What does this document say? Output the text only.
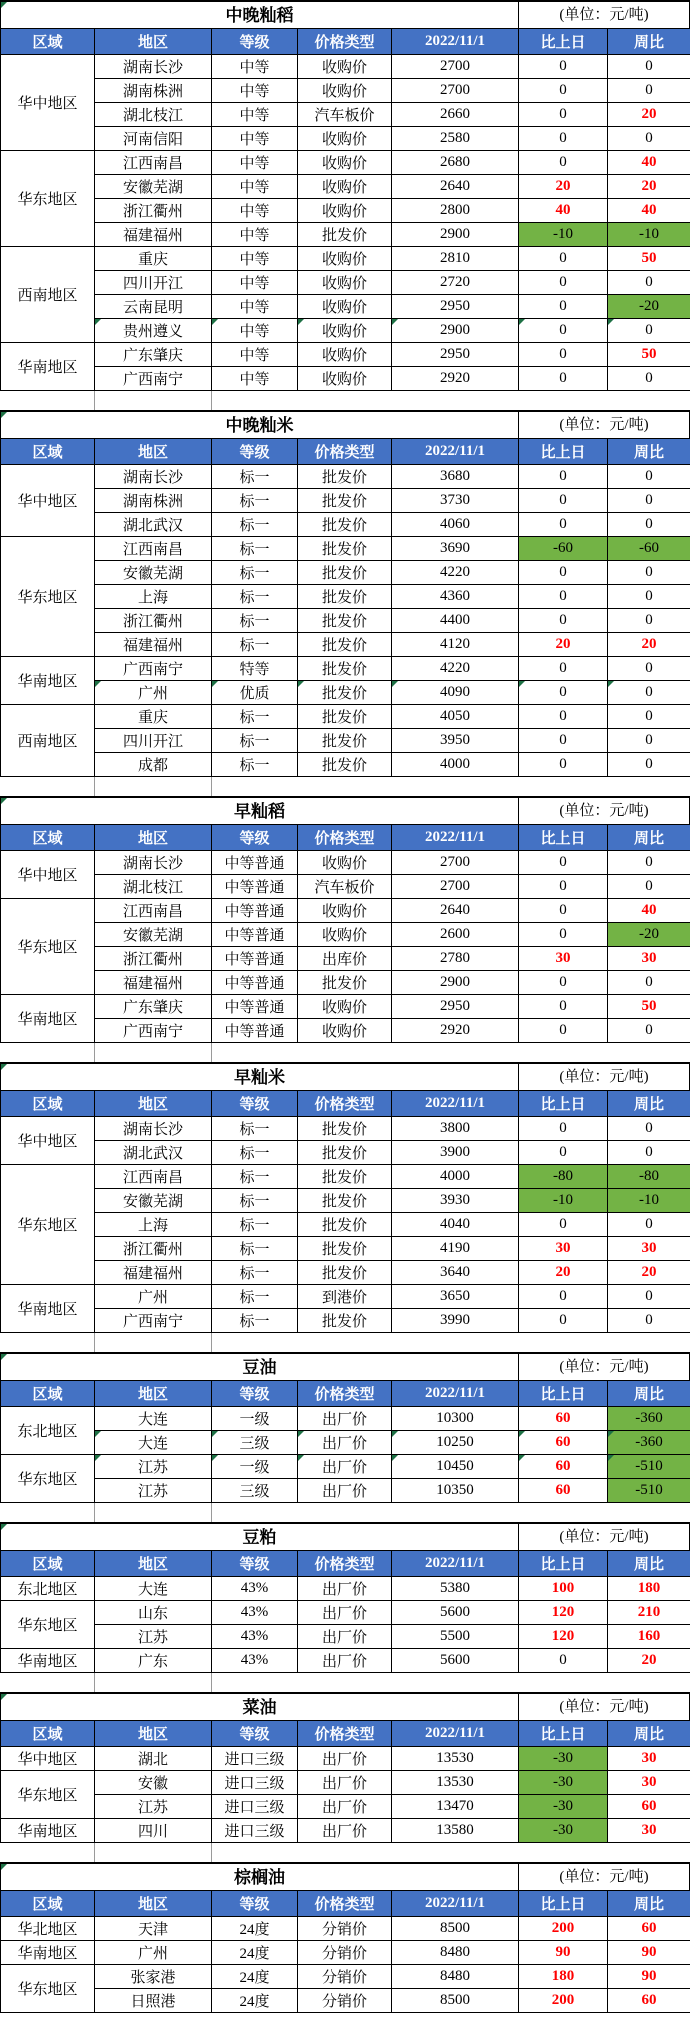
中晚籼稻	(单位：元/吨)
区域	地区	等级	价格类型	2022/11/1	比上日	周比
华中地区	湖南长沙	中等	收购价	2700	0	0
	湖南株洲	中等	收购价	2700	0	0
	湖北枝江	中等	汽车板价	2660	0	20
	河南信阳	中等	收购价	2580	0	0
华东地区	江西南昌	中等	收购价	2680	0	40
	安徽芜湖	中等	收购价	2640	20	20
	浙江衢州	中等	收购价	2800	40	40
	福建福州	中等	批发价	2900	-10	-10
西南地区	重庆	中等	收购价	2810	0	50
	四川开江	中等	收购价	2720	0	0
	云南昆明	中等	收购价	2950	0	-20
	贵州遵义	中等	收购价	2900	0	0

华南地区	广东肇庆	中等	收购价	2950	0	50
	广西南宁	中等	收购价	2920	0	0
中晚籼米	(单位：元/吨)
区域	地区	等级	价格类型	2022/11/1	比上日	周比
华中地区	湖南长沙	标一	批发价	3680	0	0
	湖南株洲	标一	批发价	3730	0	0
	湖北武汉	标一	批发价	4060	0	0
华东地区	江西南昌	标一	批发价	3690	-60	-60
	安徽芜湖	标一	批发价	4220	0	0
	上海	标一	批发价	4360	0	0
	浙江衢州	标一	批发价	4400	0	0
	福建福州	标一	批发价	4120	20	20
华南地区	广西南宁	特等	批发价	4220	0	0
	广州	优质	批发价	4090	0	0

西南地区	重庆	标一	批发价	4050	0	0
	四川开江	标一	批发价	3950	0	0
	成都	标一	批发价	4000	0	0
早籼稻	(单位：元/吨)
区域	地区	等级	价格类型	2022/11/1	比上日	周比
华中地区	湖南长沙	中等普通	收购价	2700	0	0
	湖北枝江	中等普通	汽车板价	2700	0	0
华东地区	江西南昌	中等普通	收购价	2640	0	40
	安徽芜湖	中等普通	收购价	2600	0	-20
	浙江衢州	中等普通	出库价	2780	30	30
	福建福州	中等普通	批发价	2900	0	0
华南地区	广东肇庆	中等普通	收购价	2950	0	50
	广西南宁	中等普通	收购价	2920	0	0
早籼米	(单位：元/吨)
区域	地区	等级	价格类型	2022/11/1	比上日	周比
华中地区	湖南长沙	标一	批发价	3800	0	0
	湖北武汉	标一	批发价	3900	0	0
华东地区	江西南昌	标一	批发价	4000	-80	-80
	安徽芜湖	标一	批发价	3930	-10	-10
	上海	标一	批发价	4040	0	0
	浙江衢州	标一	批发价	4190	30	30
	福建福州	标一	批发价	3640	20	20
华南地区	广州	标一	到港价	3650	0	0
	广西南宁	标一	批发价	3990	0	0
豆油	(单位：元/吨)
区域	地区	等级	价格类型	2022/11/1	比上日	周比
东北地区	大连	一级	出厂价	10300	60	-360
	大连	三级	出厂价	10250	60	-360

华东地区	江苏	一级	出厂价	10450	60	-510

	江苏	三级	出厂价	10350	60	-510
豆粕	(单位：元/吨)
区域	地区	等级	价格类型	2022/11/1	比上日	周比
东北地区	大连	43%	出厂价	5380	100	180
华东地区	山东	43%	出厂价	5600	120	210
	江苏	43%	出厂价	5500	120	160
华南地区	广东	43%	出厂价	5600	0	20
菜油	(单位：元/吨)
区域	地区	等级	价格类型	2022/11/1	比上日	周比
华中地区	湖北	进口三级	出厂价	13530	-30	30
华东地区	安徽	进口三级	出厂价	13530	-30	30
	江苏	进口三级	出厂价	13470	-30	60
华南地区	四川	进口三级	出厂价	13580	-30	30
棕榈油	(单位：元/吨)
区域	地区	等级	价格类型	2022/11/1	比上日	周比
华北地区	天津	24度	分销价	8500	200	60
华南地区	广州	24度	分销价	8480	90	90
华东地区	张家港	24度	分销价	8480	180	90
	日照港	24度	分销价	8500	200	60
